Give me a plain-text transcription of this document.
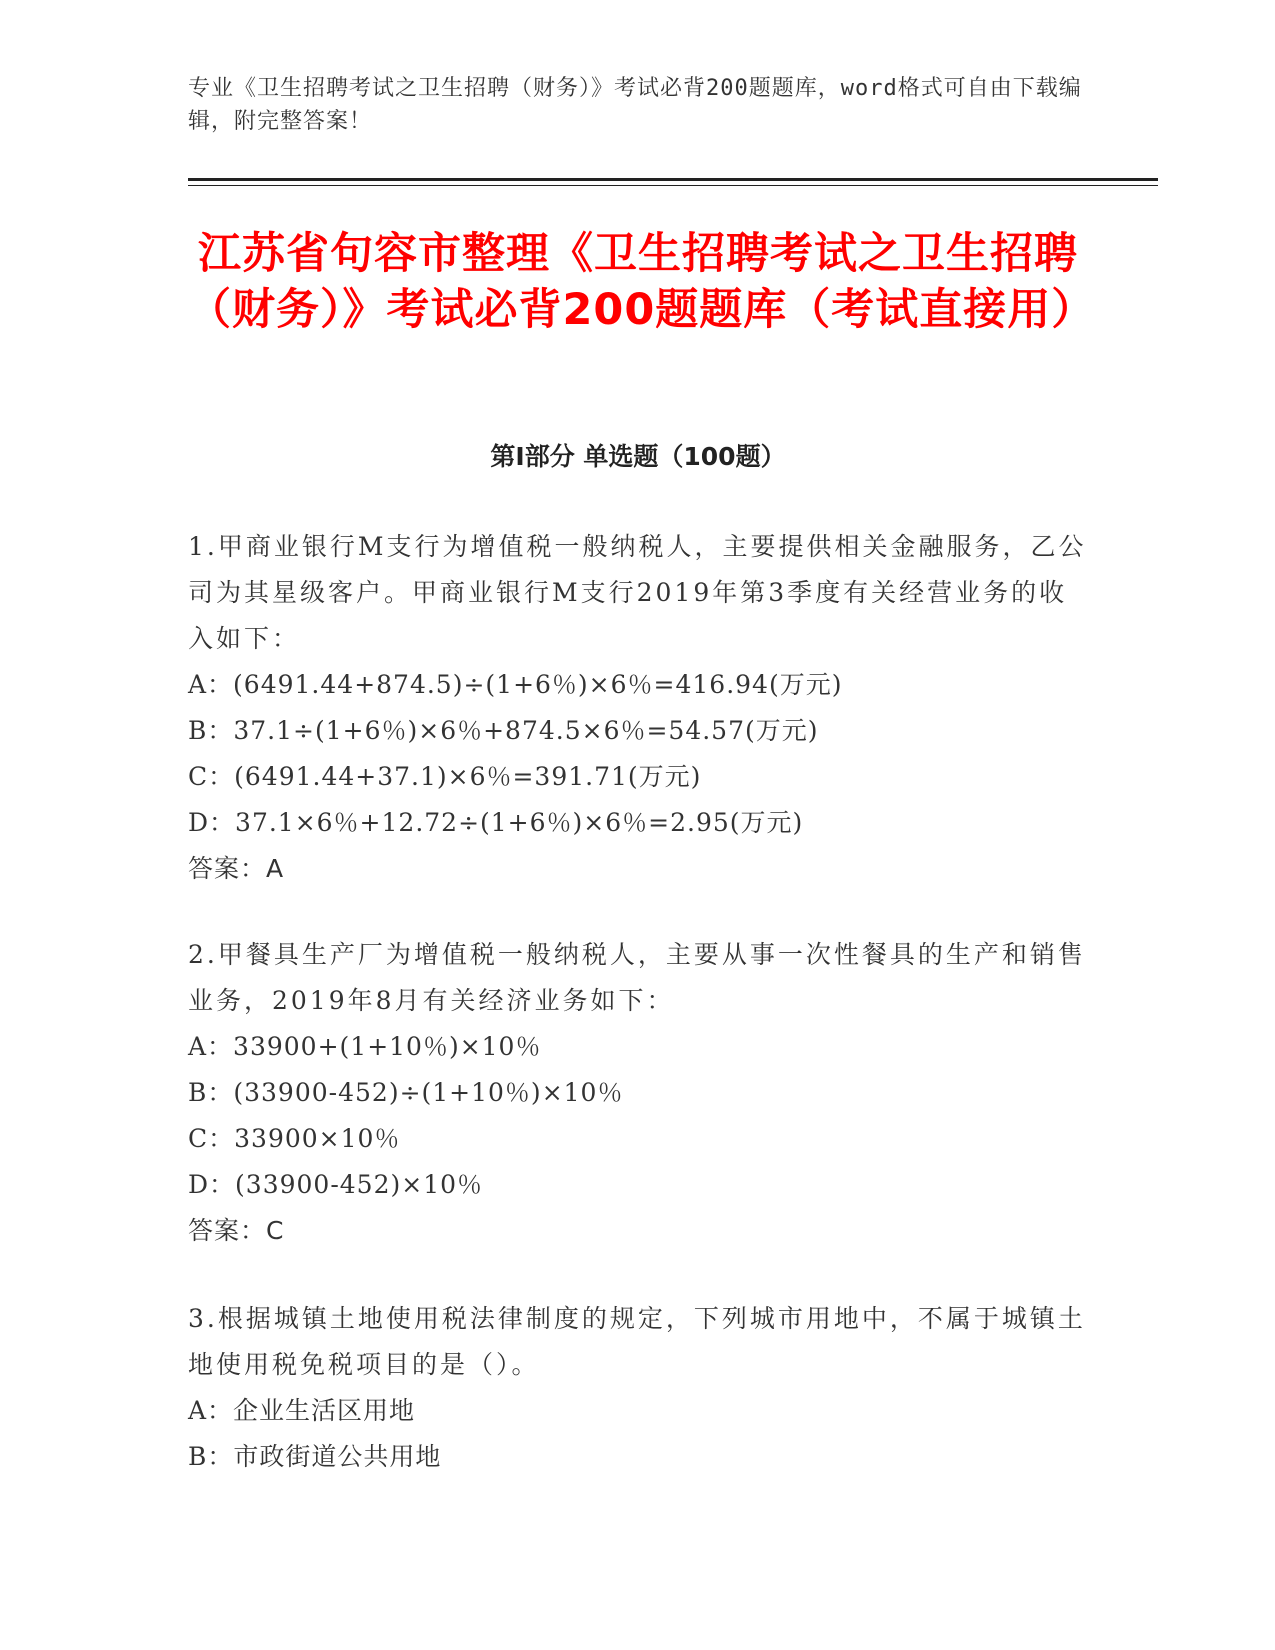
专业《卫生招聘考试之卫生招聘（财务）》考试必背200题题库，word格式可自由下载编辑，附完整答案！
江苏省句容市整理《卫生招聘考试之卫生招聘（财务）》考试必背200题题库（考试直接用）
第I部分 单选题（100题）
1.甲商业银行M支行为增值税一般纳税人，主要提供相关金融服务，乙公司为其星级客户。甲商业银行M支行2019年第3季度有关经营业务的收入如下：
A：(6491.44+874.5)÷(1+6％)×6％=416.94(万元)
B：37.1÷(1+6％)×6％+874.5×6％=54.57(万元)
C：(6491.44+37.1)×6％=391.71(万元)
D：37.1×6％+12.72÷(1+6％)×6％=2.95(万元)
答案：A
2.甲餐具生产厂为增值税一般纳税人，主要从事一次性餐具的生产和销售业务，2019年8月有关经济业务如下：
A：33900+(1+10％)×10％
B：(33900-452)÷(1+10％)×10％
C：33900×10％
D：(33900-452)×10％
答案：C
3.根据城镇土地使用税法律制度的规定，下列城市用地中，不属于城镇土地使用税免税项目的是（）。
A：企业生活区用地
B：市政街道公共用地
